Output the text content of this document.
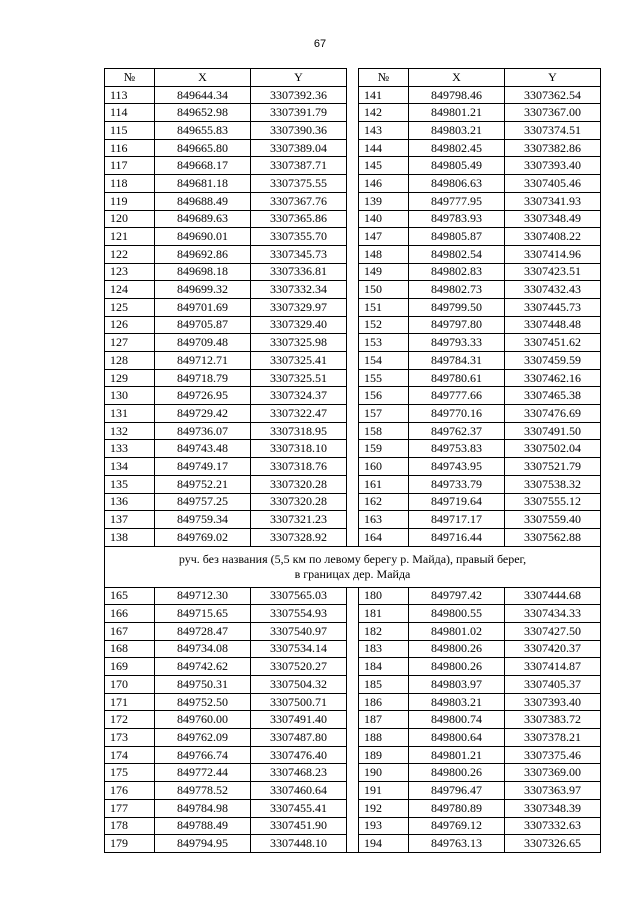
67
№	X	Y		№	X	Y
113	849644.34	3307392.36		141	849798.46	3307362.54
114	849652.98	3307391.79		142	849801.21	3307367.00
115	849655.83	3307390.36		143	849803.21	3307374.51
116	849665.80	3307389.04		144	849802.45	3307382.86
117	849668.17	3307387.71		145	849805.49	3307393.40
118	849681.18	3307375.55		146	849806.63	3307405.46
119	849688.49	3307367.76		139	849777.95	3307341.93
120	849689.63	3307365.86		140	849783.93	3307348.49
121	849690.01	3307355.70		147	849805.87	3307408.22
122	849692.86	3307345.73		148	849802.54	3307414.96
123	849698.18	3307336.81		149	849802.83	3307423.51
124	849699.32	3307332.34		150	849802.73	3307432.43
125	849701.69	3307329.97		151	849799.50	3307445.73
126	849705.87	3307329.40		152	849797.80	3307448.48
127	849709.48	3307325.98		153	849793.33	3307451.62
128	849712.71	3307325.41		154	849784.31	3307459.59
129	849718.79	3307325.51		155	849780.61	3307462.16
130	849726.95	3307324.37		156	849777.66	3307465.38
131	849729.42	3307322.47		157	849770.16	3307476.69
132	849736.07	3307318.95		158	849762.37	3307491.50
133	849743.48	3307318.10		159	849753.83	3307502.04
134	849749.17	3307318.76		160	849743.95	3307521.79
135	849752.21	3307320.28		161	849733.79	3307538.32
136	849757.25	3307320.28		162	849719.64	3307555.12
137	849759.34	3307321.23		163	849717.17	3307559.40
138	849769.02	3307328.92		164	849716.44	3307562.88

руч. без названия (5,5 км по левому берегу р. Майда), правый берег,
в границах дер. Майда						

165	849712.30	3307565.03		180	849797.42	3307444.68
166	849715.65	3307554.93		181	849800.55	3307434.33
167	849728.47	3307540.97		182	849801.02	3307427.50
168	849734.08	3307534.14		183	849800.26	3307420.37
169	849742.62	3307520.27		184	849800.26	3307414.87
170	849750.31	3307504.32		185	849803.97	3307405.37
171	849752.50	3307500.71		186	849803.21	3307393.40
172	849760.00	3307491.40		187	849800.74	3307383.72
173	849762.09	3307487.80		188	849800.64	3307378.21
174	849766.74	3307476.40		189	849801.21	3307375.46
175	849772.44	3307468.23		190	849800.26	3307369.00
176	849778.52	3307460.64		191	849796.47	3307363.97
177	849784.98	3307455.41		192	849780.89	3307348.39
178	849788.49	3307451.90		193	849769.12	3307332.63
179	849794.95	3307448.10		194	849763.13	3307326.65
